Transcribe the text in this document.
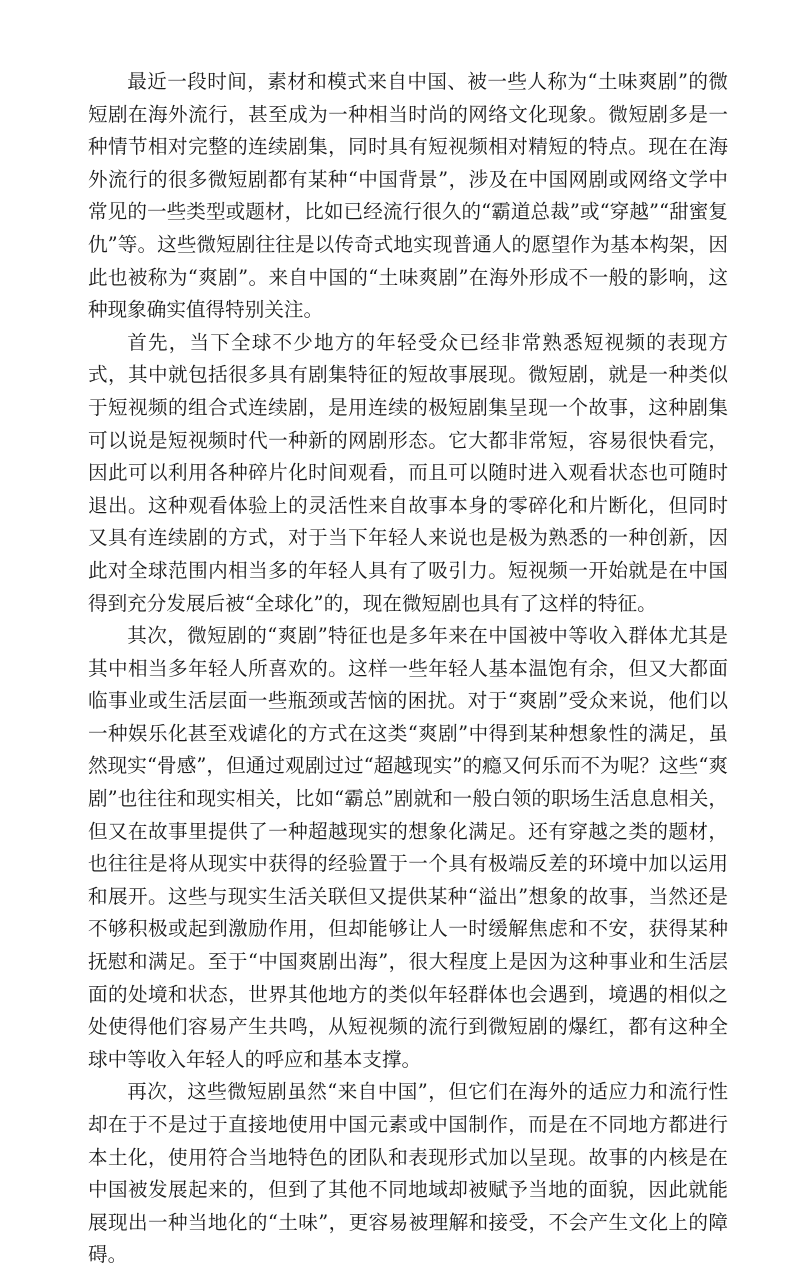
最近一段时间，素材和模式来自中国、被一些人称为“土味爽剧”的微短剧在海外流行，甚至成为一种相当时尚的网络文化现象。微短剧多是一种情节相对完整的连续剧集，同时具有短视频相对精短的特点。现在在海外流行的很多微短剧都有某种“中国背景”，涉及在中国网剧或网络文学中常见的一些类型或题材，比如已经流行很久的“霸道总裁”或“穿越”“甜蜜复仇”等。这些微短剧往往是以传奇式地实现普通人的愿望作为基本构架，因此也被称为“爽剧”。来自中国的“土味爽剧”在海外形成不一般的影响，这种现象确实值得特别关注。

首先，当下全球不少地方的年轻受众已经非常熟悉短视频的表现方式，其中就包括很多具有剧集特征的短故事展现。微短剧，就是一种类似于短视频的组合式连续剧，是用连续的极短剧集呈现一个故事，这种剧集可以说是短视频时代一种新的网剧形态。它大都非常短，容易很快看完，因此可以利用各种碎片化时间观看，而且可以随时进入观看状态也可随时退出。这种观看体验上的灵活性来自故事本身的零碎化和片断化，但同时又具有连续剧的方式，对于当下年轻人来说也是极为熟悉的一种创新，因此对全球范围内相当多的年轻人具有了吸引力。短视频一开始就是在中国得到充分发展后被“全球化”的，现在微短剧也具有了这样的特征。

其次，微短剧的“爽剧”特征也是多年来在中国被中等收入群体尤其是其中相当多年轻人所喜欢的。这样一些年轻人基本温饱有余，但又大都面临事业或生活层面一些瓶颈或苦恼的困扰。对于“爽剧”受众来说，他们以一种娱乐化甚至戏谑化的方式在这类“爽剧”中得到某种想象性的满足，虽然现实“骨感”，但通过观剧过过“超越现实”的瘾又何乐而不为呢？这些“爽剧”也往往和现实相关，比如“霸总”剧就和一般白领的职场生活息息相关，但又在故事里提供了一种超越现实的想象化满足。还有穿越之类的题材，也往往是将从现实中获得的经验置于一个具有极端反差的环境中加以运用和展开。这些与现实生活关联但又提供某种“溢出”想象的故事，当然还是不够积极或起到激励作用，但却能够让人一时缓解焦虑和不安，获得某种抚慰和满足。至于“中国爽剧出海”，很大程度上是因为这种事业和生活层面的处境和状态，世界其他地方的类似年轻群体也会遇到，境遇的相似之处使得他们容易产生共鸣，从短视频的流行到微短剧的爆红，都有这种全球中等收入年轻人的呼应和基本支撑。

再次，这些微短剧虽然“来自中国”，但它们在海外的适应力和流行性却在于不是过于直接地使用中国元素或中国制作，而是在不同地方都进行本土化，使用符合当地特色的团队和表现形式加以呈现。故事的内核是在中国被发展起来的，但到了其他不同地域却被赋予当地的面貌，因此就能展现出一种当地化的“土味”，更容易被理解和接受，不会产生文化上的障碍。
